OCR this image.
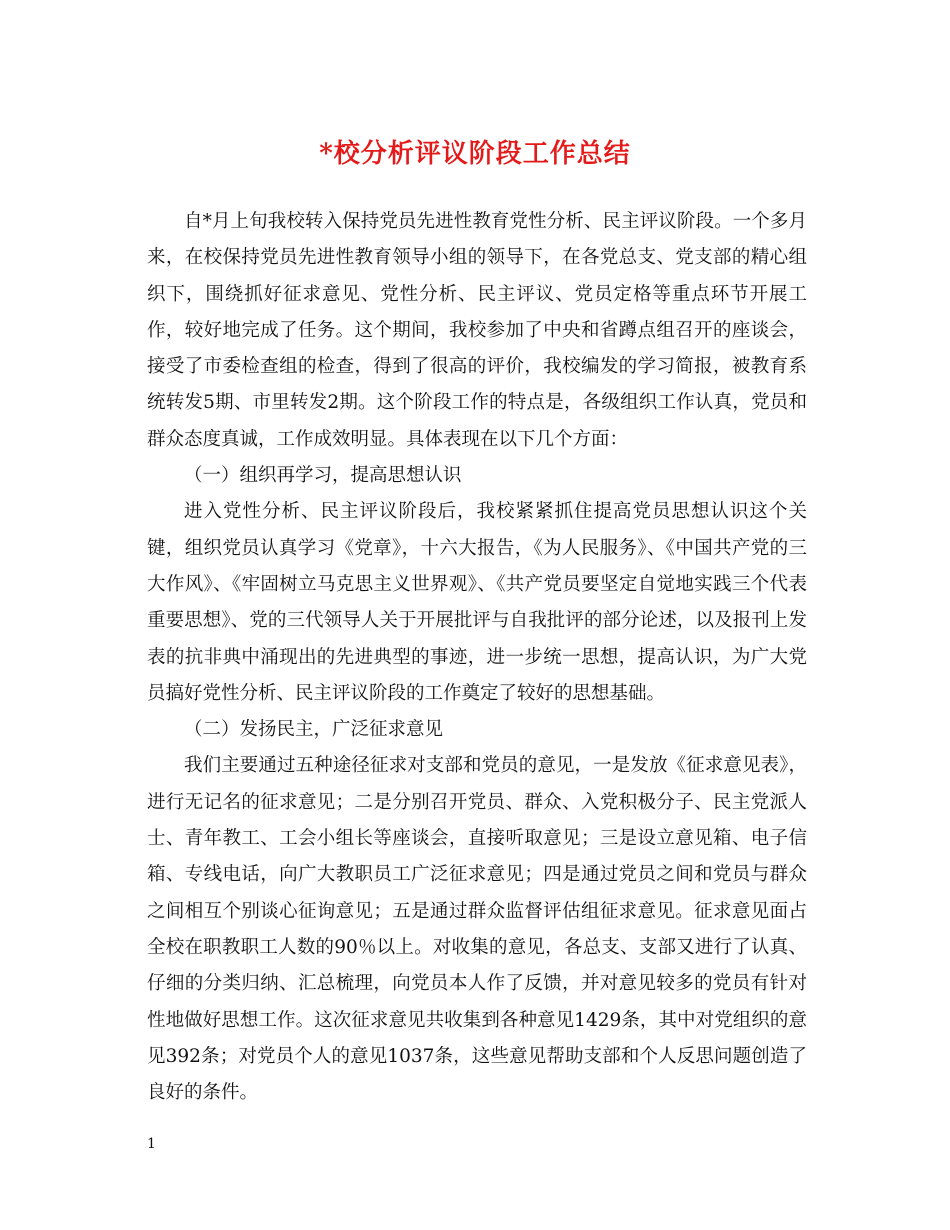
*校分析评议阶段工作总结

自*月上旬我校转入保持党员先进性教育党性分析、民主评议阶段。一个多月来，在校保持党员先进性教育领导小组的领导下，在各党总支、党支部的精心组织下，围绕抓好征求意见、党性分析、民主评议、党员定格等重点环节开展工作，较好地完成了任务。这个期间，我校参加了中央和省蹲点组召开的座谈会，接受了市委检查组的检查，得到了很高的评价，我校编发的学习简报，被教育系统转发5期、市里转发2期。这个阶段工作的特点是，各级组织工作认真，党员和群众态度真诚，工作成效明显。具体表现在以下几个方面：

（一）组织再学习，提高思想认识

进入党性分析、民主评议阶段后，我校紧紧抓住提高党员思想认识这个关键，组织党员认真学习《党章》，十六大报告，《为人民服务》、《中国共产党的三大作风》、《牢固树立马克思主义世界观》、《共产党员要坚定自觉地实践三个代表重要思想》、党的三代领导人关于开展批评与自我批评的部分论述，以及报刊上发表的抗非典中涌现出的先进典型的事迹，进一步统一思想，提高认识，为广大党员搞好党性分析、民主评议阶段的工作奠定了较好的思想基础。

（二）发扬民主，广泛征求意见

我们主要通过五种途径征求对支部和党员的意见，一是发放《征求意见表》，进行无记名的征求意见；二是分别召开党员、群众、入党积极分子、民主党派人士、青年教工、工会小组长等座谈会，直接听取意见；三是设立意见箱、电子信箱、专线电话，向广大教职员工广泛征求意见；四是通过党员之间和党员与群众之间相互个别谈心征询意见；五是通过群众监督评估组征求意见。征求意见面占全校在职教职工人数的90％以上。对收集的意见，各总支、支部又进行了认真、仔细的分类归纳、汇总梳理，向党员本人作了反馈，并对意见较多的党员有针对性地做好思想工作。这次征求意见共收集到各种意见1429条，其中对党组织的意见392条；对党员个人的意见1037条，这些意见帮助支部和个人反思问题创造了良好的条件。

1
